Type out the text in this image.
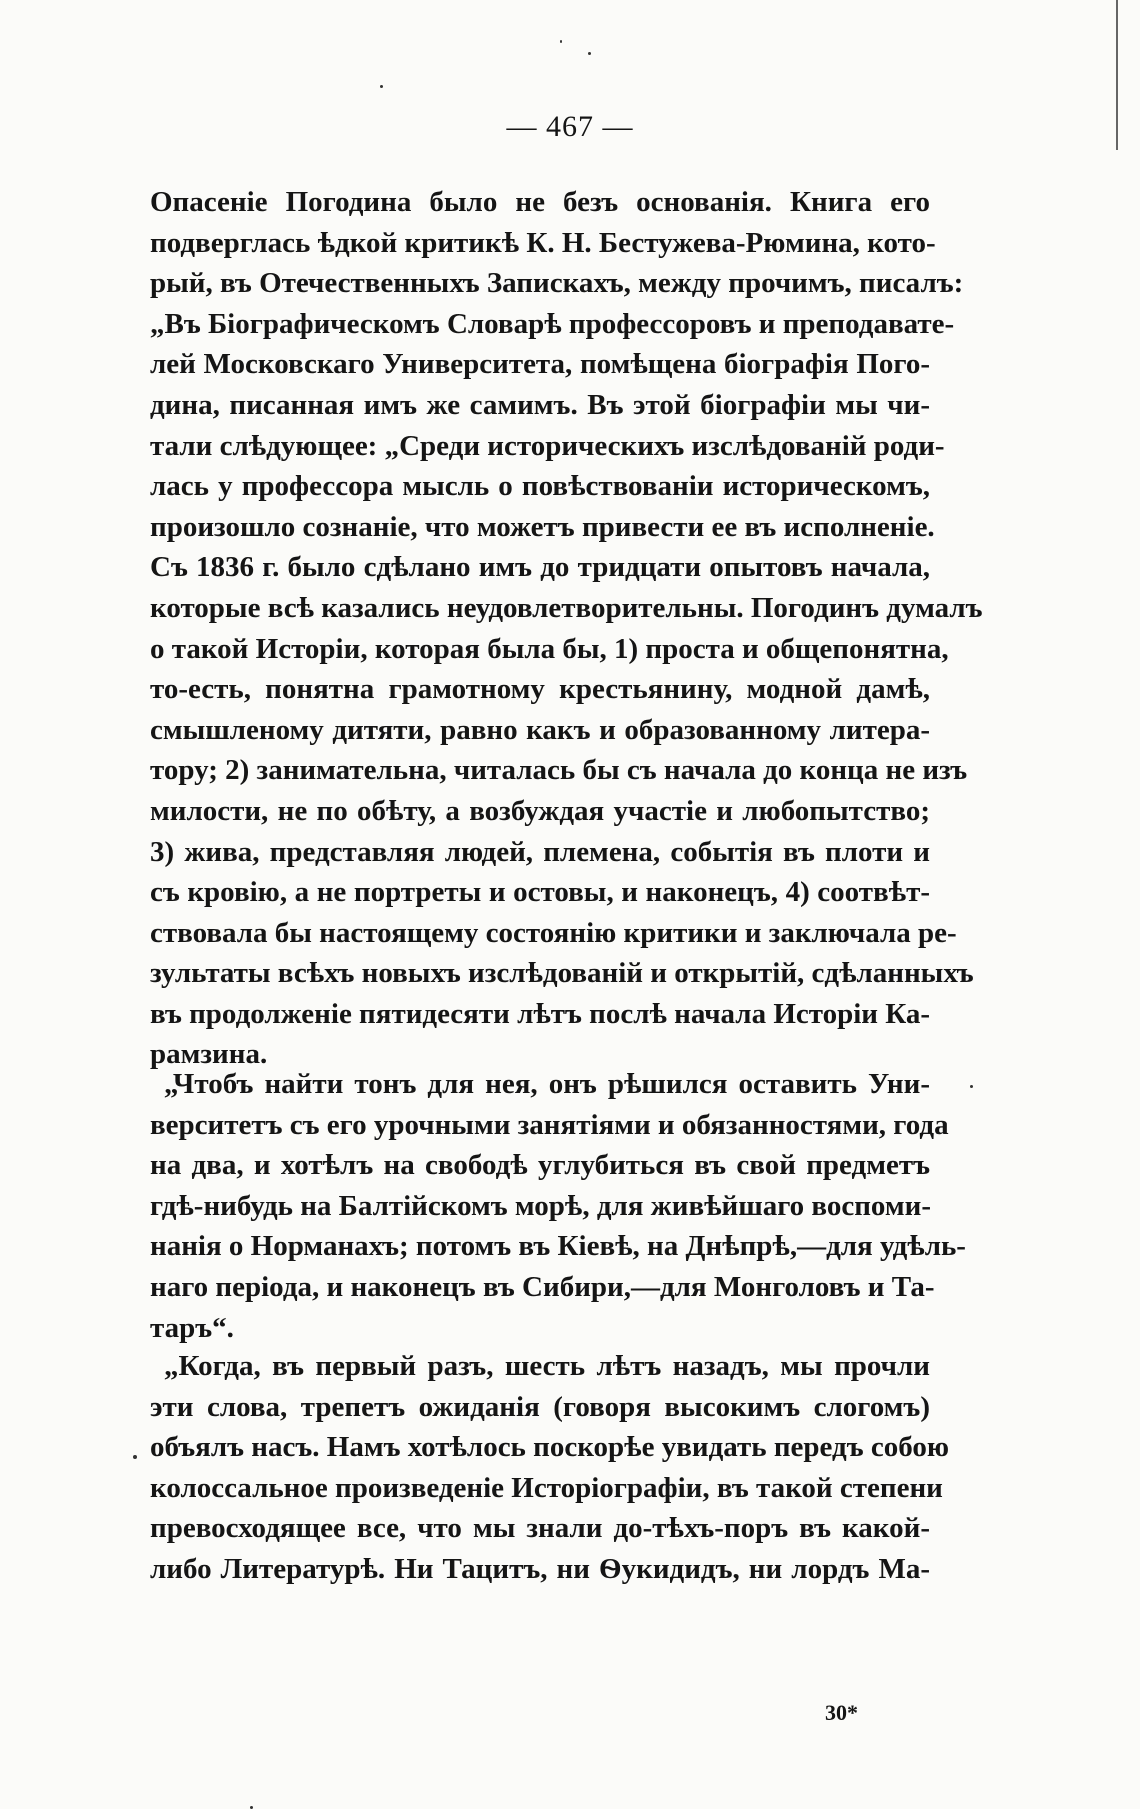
— 467 —
Опасеніе Погодина было не безъ основанія. Книга его
подверглась ѣдкой критикѣ К. Н. Бестужева-Рюмина, кото-
рый, въ Отечественныхъ Запискахъ, между прочимъ, писалъ:
„Въ Біографическомъ Словарѣ профессоровъ и преподавате-
лей Московскаго Университета, помѣщена біографія Пого-
дина, писанная имъ же самимъ. Въ этой біографіи мы чи-
тали слѣдующее: „Среди историческихъ изслѣдованій роди-
лась у профессора мысль о повѣствованіи историческомъ,
произошло сознаніе, что можетъ привести ее въ исполненіе.
Съ 1836 г. было сдѣлано имъ до тридцати опытовъ начала,
которые всѣ казались неудовлетворительны. Погодинъ думалъ
о такой Исторіи, которая была бы, 1) проста и общепонятна,
то-есть, понятна грамотному крестьянину, модной дамѣ,
смышленому дитяти, равно какъ и образованному литера-
тору; 2) занимательна, читалась бы съ начала до конца не изъ
милости, не по обѣту, а возбуждая участіе и любопытство;
3) жива, представляя людей, племена, событія въ плоти и
съ кровію, а не портреты и остовы, и наконецъ, 4) соотвѣт-
ствовала бы настоящему состоянію критики и заключала ре-
зультаты всѣхъ новыхъ изслѣдованій и открытій, сдѣланныхъ
въ продолженіе пятидесяти лѣтъ послѣ начала Исторіи Ка-
рамзина.
„Чтобъ найти тонъ для нея, онъ рѣшился оставить Уни-
верситетъ съ его урочными занятіями и обязанностями, года
на два, и хотѣлъ на свободѣ углубиться въ свой предметъ
гдѣ-нибудь на Балтійскомъ морѣ, для живѣйшаго воспоми-
нанія о Норманахъ; потомъ въ Кіевѣ, на Днѣпрѣ,—для удѣль-
наго періода, и наконецъ въ Сибири,—для Монголовъ и Та-
таръ“.
„Когда, въ первый разъ, шесть лѣтъ назадъ, мы прочли
эти слова, трепетъ ожиданія (говоря высокимъ слогомъ)
объялъ насъ. Намъ хотѣлось поскорѣе увидать передъ собою
колоссальное произведеніе Исторіографіи, въ такой степени
превосходящее все, что мы знали до-тѣхъ-поръ въ какой-
либо Литературѣ. Ни Тацитъ, ни Ѳукидидъ, ни лордъ Ма-
30*
